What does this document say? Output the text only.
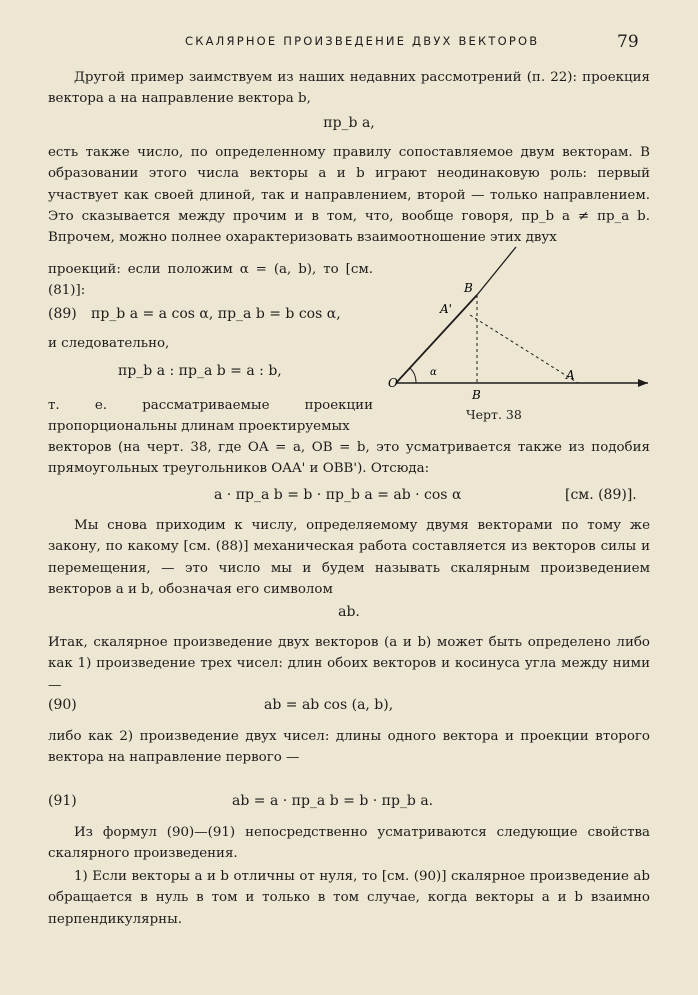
СКАЛЯРНОЕ ПРОИЗВЕДЕНИЕ ДВУХ ВЕКТОРОВ	79

Другой пример заимствуем из наших недавних рассмотрений (п. 22): проекция вектора a на направление вектора b,

пр_b a,

есть также число, по определенному правилу сопоставляемое двум векторам. В образовании этого числа векторы a и b играют неодинаковую роль: первый участвует как своей длиной, так и направлением, второй — только направлением. Это сказывается между прочим и в том, что, вообще говоря, пр_b a ≠ пр_a b. Впрочем, можно полнее охарактеризовать взаимоотношение этих двух

проекций: если положим α = (a, b), то [см. (81)]:

(89) пр_b a = a cos α, пр_a b = b cos α,

и следовательно,

пр_b a : пр_a b = a : b,

т. е. рассматриваемые проекции пропорциональны длинам проектируемых

O
A
B
A'
B
α
Черт. 38

векторов (на черт. 38, где OA = a, OB = b, это усматривается также из подобия прямоугольных треугольников OAA' и OBB'). Отсюда:

a · пр_a b = b · пр_b a = ab · cos α	[см. (89)].

Мы снова приходим к числу, определяемому двумя векторами по тому же закону, по какому [см. (88)] механическая работа составляется из векторов силы и перемещения, — это число мы и будем называть скалярным произведением векторов a и b, обозначая его символом

ab.

Итак, скалярное произведение двух векторов (a и b) может быть определено либо как 1) произведение трех чисел: длин обоих векторов и косинуса угла между ними —

(90)	ab = ab cos (a, b),

либо как 2) произведение двух чисел: длины одного вектора и проекции второго вектора на направление первого —

(91)	ab = a · пр_a b = b · пр_b a.

Из формул (90)—(91) непосредственно усматриваются следующие свойства скалярного произведения.

1) Если векторы a и b отличны от нуля, то [см. (90)] скалярное произведение ab обращается в нуль в том и только в том случае, когда векторы a и b взаимно перпендикулярны.
